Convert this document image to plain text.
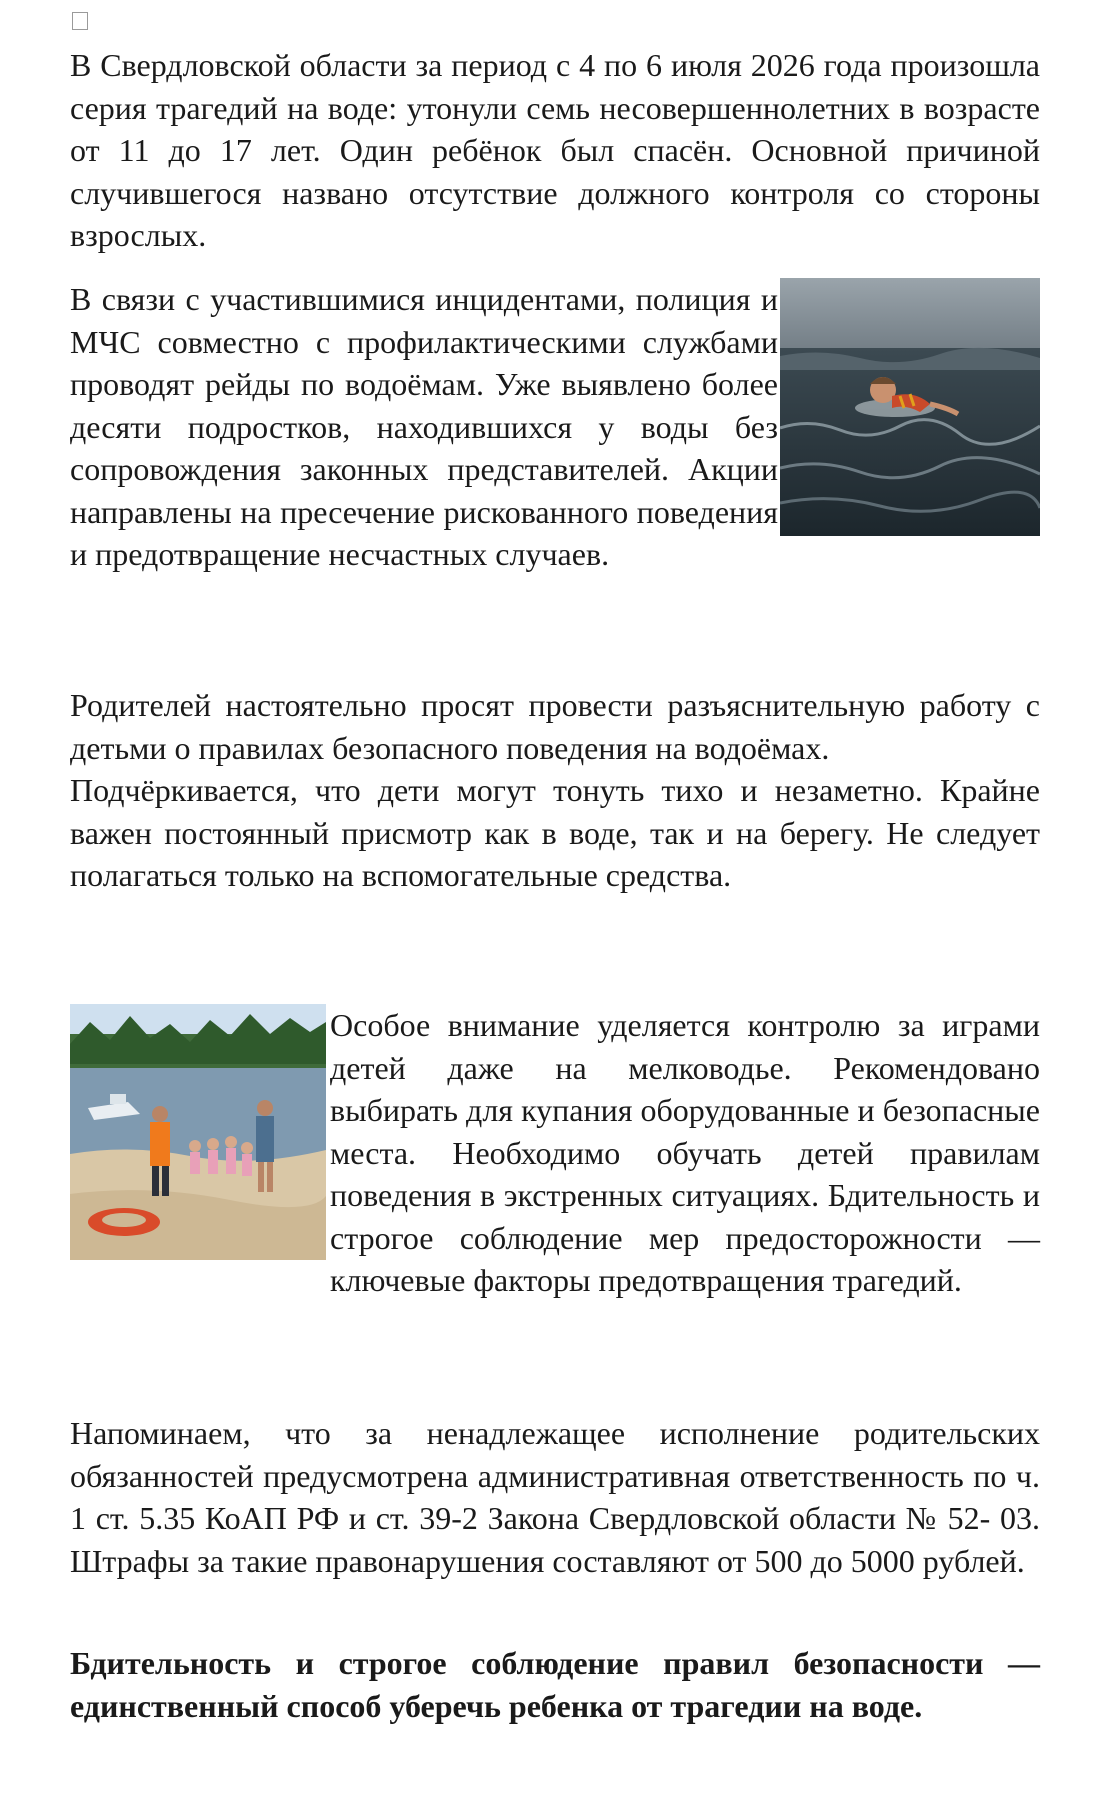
В Свердловской области за период с 4 по 6 июля 2026 года произошла серия трагедий на воде: утонули семь несовершеннолетних в возрасте от 11 до 17 лет. Один ребёнок был спасён. Основной причиной случившегося названо отсутствие должного контроля со стороны взрослых.

В связи с участившимися инцидентами, полиция и МЧС совместно с профилактическими службами проводят рейды по водоёмам. Уже выявлено более десяти подростков, находившихся у воды без сопровождения законных представителей. Акции направлены на пресечение рискованного поведения и предотвращение несчастных случаев.

Родителей настоятельно просят провести разъяснительную работу с детьми о правилах безопасного поведения на водоёмах.

Подчёркивается, что дети могут тонуть тихо и незаметно. Крайне важен постоянный присмотр как в воде, так и на берегу. Не следует полагаться только на вспомогательные средства.

Особое внимание уделяется контролю за играми детей даже на мелководье. Рекомендовано выбирать для купания оборудованные и безопасные места. Необходимо обучать детей правилам поведения в экстренных ситуациях. Бдительность и строгое соблюдение мер предосторожности — ключевые факторы предотвращения трагедий.

Напоминаем, что за ненадлежащее исполнение родительских обязанностей предусмотрена административная ответственность по ч. 1 ст. 5.35 КоАП РФ и ст. 39-2 Закона Свердловской области № 52- 03. Штрафы за такие правонарушения составляют от 500 до 5000 рублей.

Бдительность и строгое соблюдение правил безопасности — единственный способ уберечь ребенка от трагедии на воде.
